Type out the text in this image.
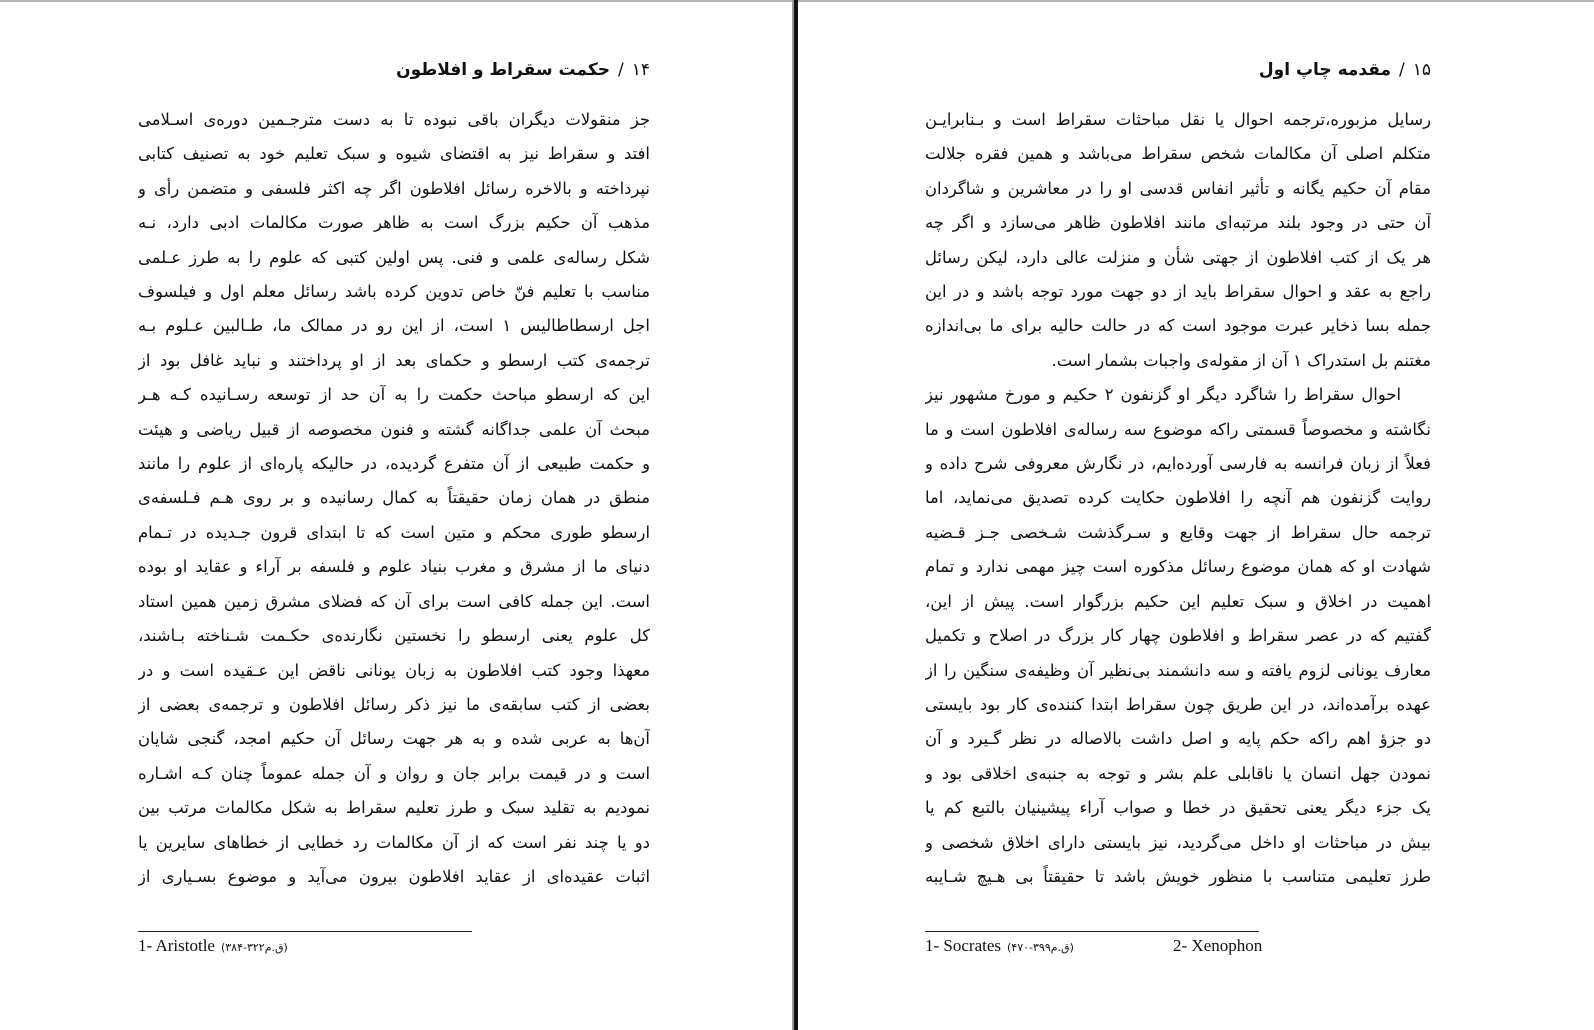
۱۴/حکمت سقراط و افلاطون
جز منقولات دیگران باقی نبوده تا به دست مترجـمین دوره‌ی اسـلامی
افتد و سقراط نیز به اقتضای شیوه و سبک تعلیم خود به تصنیف کتابی
نپرداخته و بالاخره رسائل افلاطون اگر چه اکثر فلسفی و متضمن رأی و
مذهب آن حکیم بزرگ است به ظاهر صورت مکالمات ادبی دارد، نـه
شکل رساله‌ی علمی و فنی. پس اولین کتبی که علوم را به طرز عـلمی
مناسب با تعلیم فنّ خاص تدوین کرده باشد رسائل معلم اول و فیلسوف
اجل ارسطاطالیس ۱ است، از این رو در ممالک ما، طـالبین عـلوم بـه
ترجمه‌ی کتب ارسطو و حکمای بعد از او پرداختند و نباید غافل بود از
این که ارسطو مباحث حکمت را به آن حد از توسعه رسـانیده کـه هـر
مبحث آن علمی جداگانه گشته و فنون مخصوصه از قبیل ریاضی و هیئت
و حکمت طبیعی از آن متفرع گردیده، در حالیکه پاره‌ای از علوم را مانند
منطق در همان زمان حقیقتاً به کمال رسانیده و بر روی هـم فـلسفه‌ی
ارسطو طوری محکم و متین است که تا ابتدای قرون جـدیده در تـمام
دنیای ما از مشرق و مغرب بنیاد علوم و فلسفه بر آراء و عقاید او بوده
است. این جمله کافی است برای آن که فضلای مشرق زمین همین استاد
کل علوم یعنی ارسطو را نخستین نگارنده‌ی حکـمت شـناخته بـاشند،
معهذا وجود کتب افلاطون به زبان یونانی ناقض این عـقیده است و در
بعضی از کتب سابقه‌ی ما نیز ذکر رسائل افلاطون و ترجمه‌ی بعضی از
آن‌ها به عربی شده و به هر جهت رسائل آن حکیم امجد، گنجی شایان
است و در قیمت برابر جان و روان و آن جمله عموماً چنان کـه اشـاره
نمودیم به تقلید سبک و طرز تعلیم سقراط به شکل مکالمات مرتب بین
دو یا چند نفر است که از آن مکالمات رد خطایی از خطاهای سایرین یا
اثبات عقیده‌ای از عقاید افلاطون بیرون می‌آید و موضوع بسـیاری از
1- Aristotle (۳۸۴-۳۲۲ق.م)
۱۵/مقدمه چاپ اول
رسایل مزبوره،ترجمه احوال یا نقل مباحثات سقراط است و بـنابرایـن
متکلم اصلی آن مکالمات شخص سقراط می‌باشد و همین فقره جلالت
مقام آن حکیم یگانه و تأثیر انفاس قدسی او را در معاشرین و شاگردان
آن حتی در وجود بلند مرتبه‌ای مانند افلاطون ظاهر می‌سازد و اگر چه
هر یک از کتب افلاطون از جهتی شأن و منزلت عالی دارد، لیکن رسائل
راجع به عقد و احوال سقراط باید از دو جهت مورد توجه باشد و در این
جمله بسا ذخایر عبرت موجود است که در حالت حالیه برای ما بی‌اندازه
مغتنم بل استدراک ۱ آن از مقوله‌ی واجبات بشمار است.
احوال سقراط را شاگرد دیگر او گزنفون ۲ حکیم و مورخ مشهور نیز
نگاشته و مخصوصاً قسمتی راکه موضوع سه رساله‌ی افلاطون است و ما
فعلاً از زبان فرانسه به فارسی آورده‌ایم، در نگارش معروفی شرح داده و
روایت گزنفون هم آنچه را افلاطون حکایت کرده تصدیق می‌نماید، اما
ترجمه حال سقراط از جهت وقایع و سـرگذشت شـخصی جـز قـضیه
شهادت او که همان موضوع رسائل مذکوره است چیز مهمی ندارد و تمام
اهمیت در اخلاق و سبک تعلیم این حکیم بزرگوار است. پیش از این،
گفتیم که در عصر سقراط و افلاطون چهار کار بزرگ در اصلاح و تکمیل
معارف یونانی لزوم یافته و سه دانشمند بی‌نظیر آن وظیفه‌ی سنگین را از
عهده برآمده‌اند، در این طریق چون سقراط ابتدا کننده‌ی کار بود بایستی
دو جزؤ اهم راکه حکم پایه و اصل داشت بالاصاله در نظر گـیرد و آن
نمودن جهل انسان یا ناقابلی علم بشر و توجه به جنبه‌ی اخلاقی بود و
یک جزء دیگر یعنی تحقیق در خطا و صواب آراء پیشینیان بالتبع کم یا
بیش در مباحثات او داخل می‌گردید، نیز بایستی دارای اخلاق شخصی و
طرز تعلیمی متناسب با منظور خویش باشد تا حقیقتاً بی هـیچ شـایبه
1- Socrates (۴۷۰-۳۹۹ق.م)	2- Xenophon
